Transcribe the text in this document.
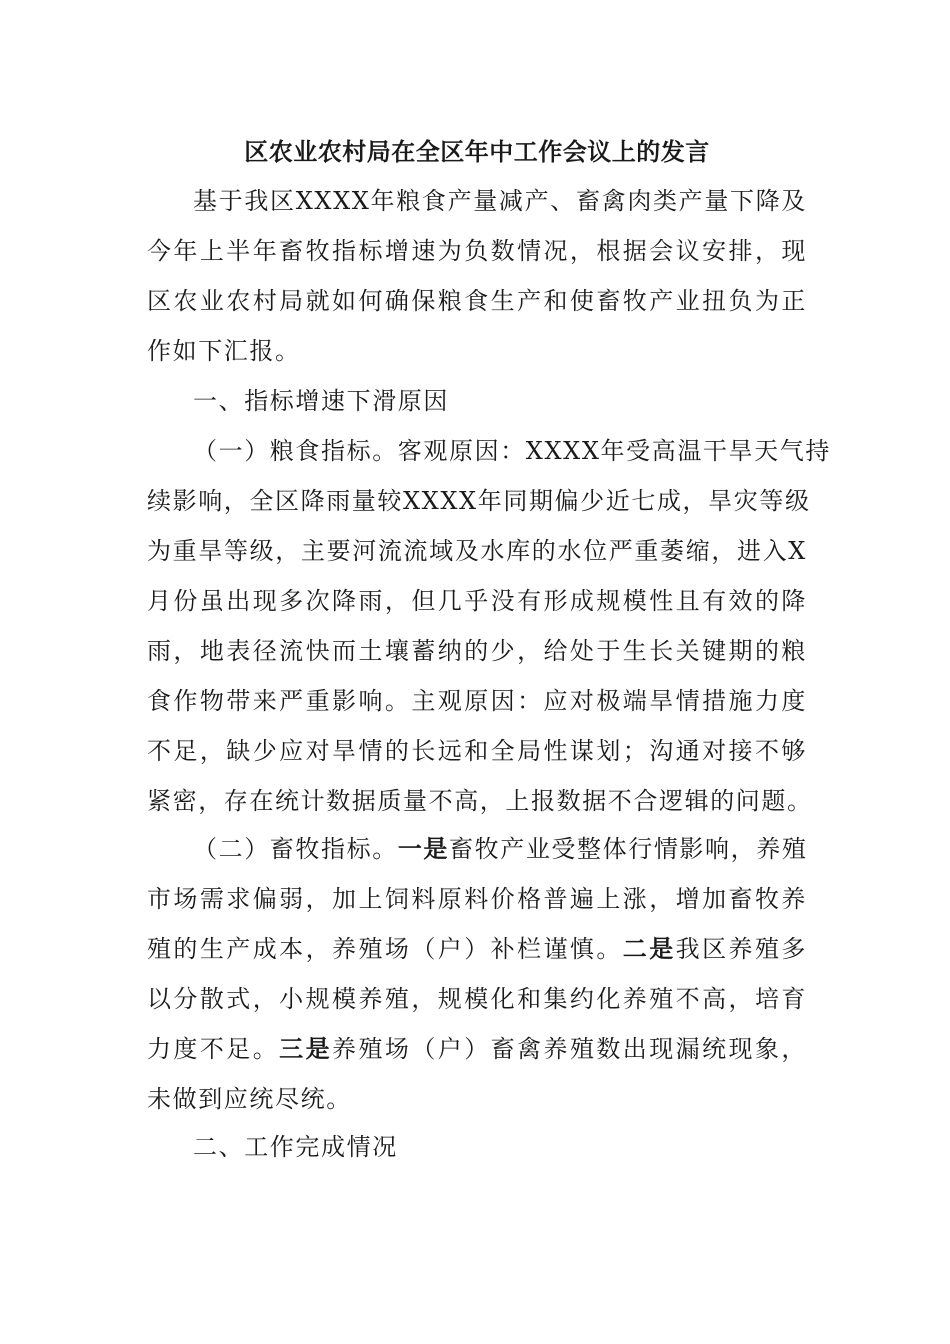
区农业农村局在全区年中工作会议上的发言
基于我区XXXX年粮食产量减产、畜禽肉类产量下降及
今年上半年畜牧指标增速为负数情况，根据会议安排，现
区农业农村局就如何确保粮食生产和使畜牧产业扭负为正
作如下汇报。
一、指标增速下滑原因
（一）粮食指标。客观原因：XXXX年受高温干旱天气持
续影响，全区降雨量较XXXX年同期偏少近七成，旱灾等级
为重旱等级，主要河流流域及水库的水位严重萎缩，进入X
月份虽出现多次降雨，但几乎没有形成规模性且有效的降
雨，地表径流快而土壤蓄纳的少，给处于生长关键期的粮
食作物带来严重影响。主观原因：应对极端旱情措施力度
不足，缺少应对旱情的长远和全局性谋划；沟通对接不够
紧密，存在统计数据质量不高，上报数据不合逻辑的问题。
（二）畜牧指标。一是畜牧产业受整体行情影响，养殖
市场需求偏弱，加上饲料原料价格普遍上涨，增加畜牧养
殖的生产成本，养殖场（户）补栏谨慎。二是我区养殖多
以分散式，小规模养殖，规模化和集约化养殖不高，培育
力度不足。三是养殖场（户）畜禽养殖数出现漏统现象，
未做到应统尽统。
二、工作完成情况
